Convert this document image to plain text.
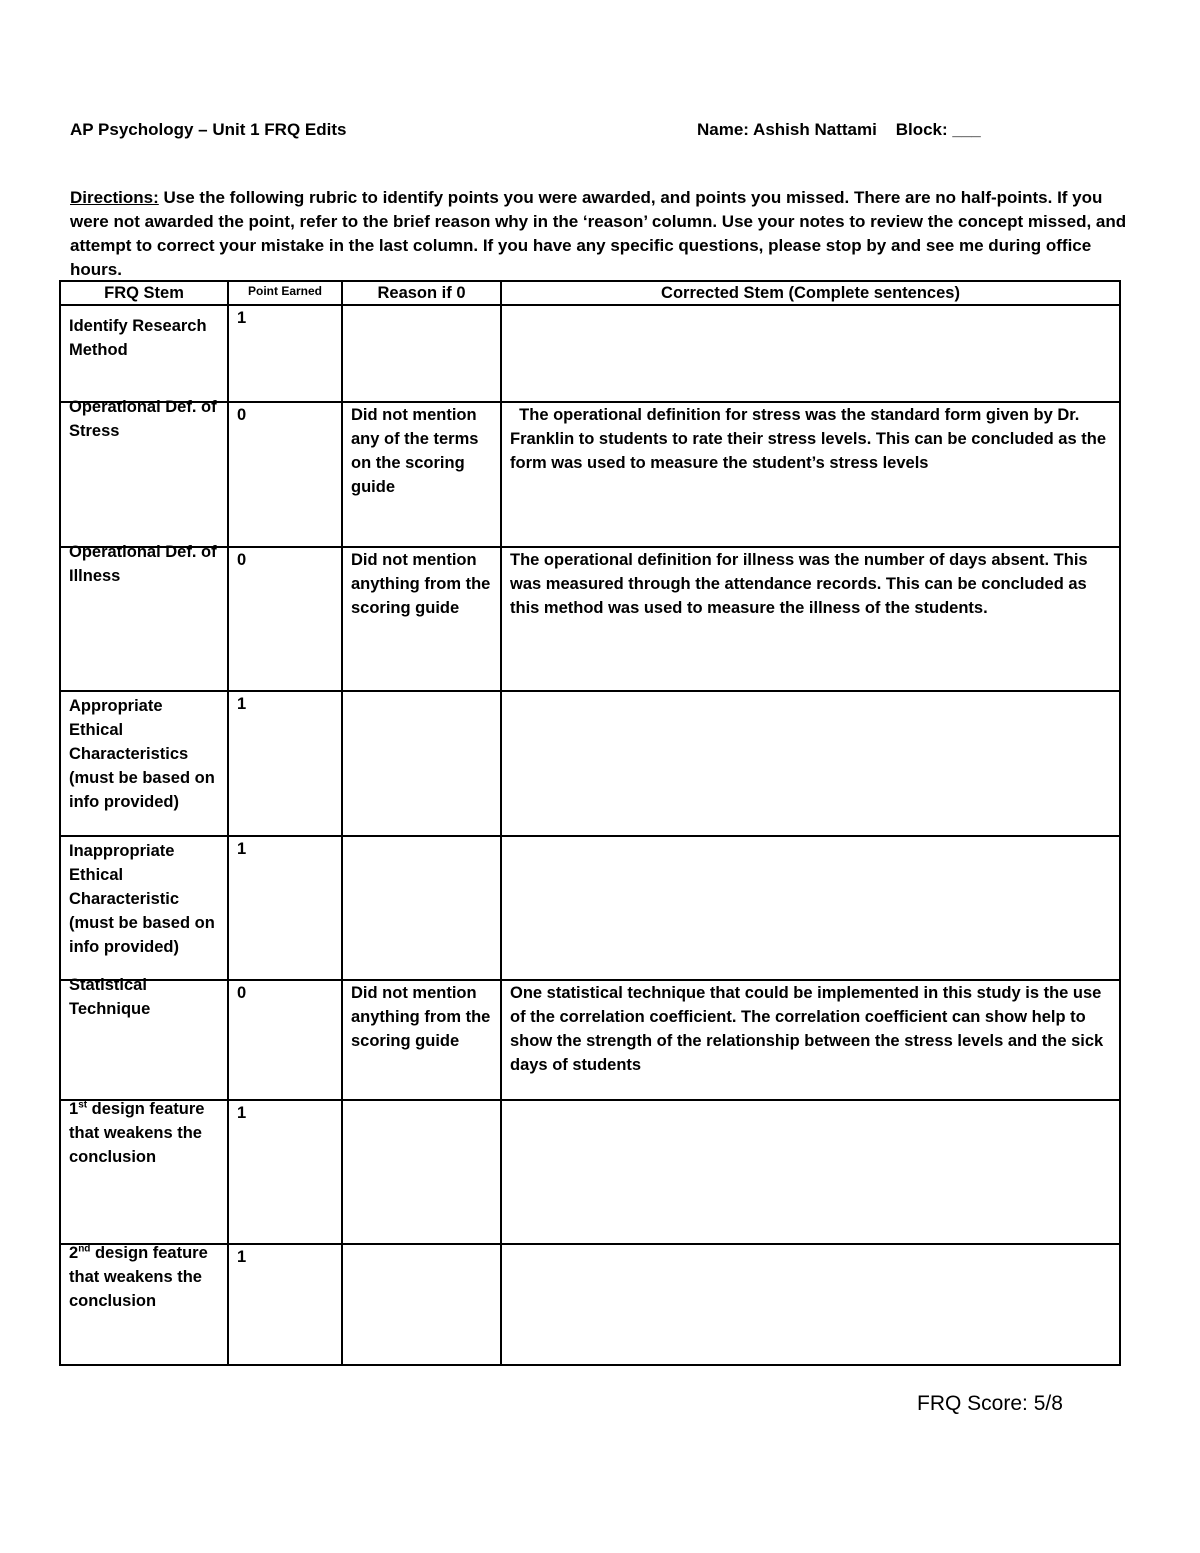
AP Psychology – Unit 1 FRQ Edits	Name: Ashish Nattami    Block: ___
Directions: Use the following rubric to identify points you were awarded, and points you missed. There are no half-points. If you were not awarded the point, refer to the brief reason why in the ‘reason’ column. Use your notes to review the concept missed, and attempt to correct your mistake in the last column. If you have any specific questions, please stop by and see me during office hours.
FRQ Stem	Point Earned	Reason if 0	Corrected Stem (Complete sentences)

Identify Research Method	1		

Operational Def. of Stress	0	Did not mention any of the terms on the scoring guide	The operational definition for stress was the standard form given by Dr. Franklin to students to rate their stress levels. This can be concluded as the form was used to measure the student’s stress levels

Operational Def. of Illness	0	Did not mention anything from the scoring guide	The operational definition for illness was the number of days absent. This was measured through the attendance records. This can be concluded as this method was used to measure the illness of the students.
Appropriate Ethical Characteristics (must be based on info provided)	1		
Inappropriate Ethical Characteristic (must be based on info provided)	1		

Statistical Technique	0	Did not mention anything from the scoring guide	One statistical technique that could be implemented in this study is the use of the correlation coefficient. The correlation coefficient can show help to show the strength of the relationship between the stress levels and the sick days of students

1st design feature that weakens the conclusion	1		

2nd design feature that weakens the conclusion	1		
FRQ Score: 5/8
